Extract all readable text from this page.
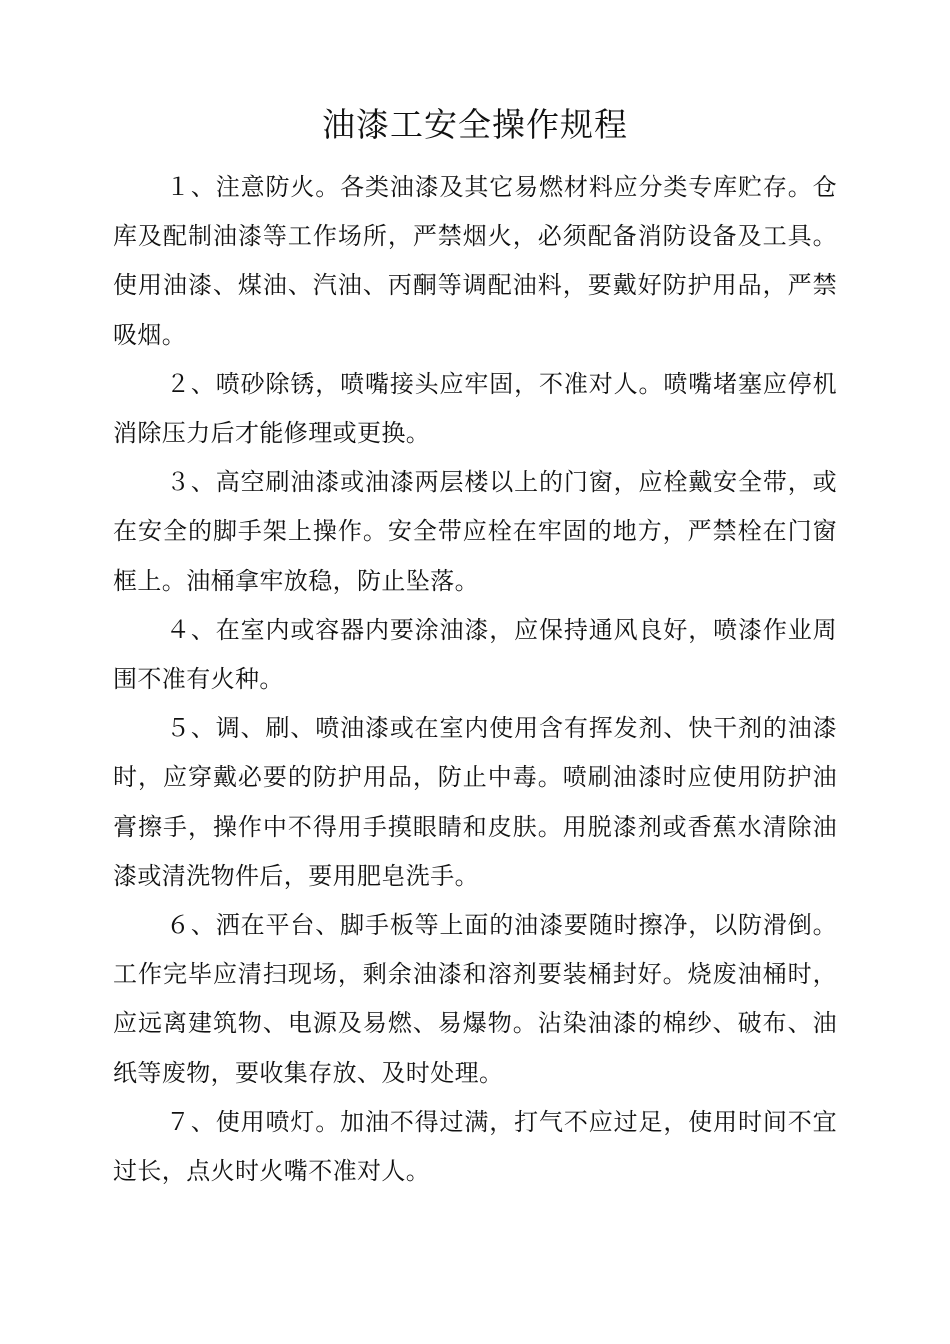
油漆工安全操作规程

１、注意防火。各类油漆及其它易燃材料应分类专库贮存。仓库及配制油漆等工作场所，严禁烟火，必须配备消防设备及工具。使用油漆、煤油、汽油、丙酮等调配油料，要戴好防护用品，严禁吸烟。

２、喷砂除锈，喷嘴接头应牢固，不准对人。喷嘴堵塞应停机消除压力后才能修理或更换。

３、高空刷油漆或油漆两层楼以上的门窗，应栓戴安全带，或在安全的脚手架上操作。安全带应栓在牢固的地方，严禁栓在门窗框上。油桶拿牢放稳，防止坠落。

４、在室内或容器内要涂油漆，应保持通风良好，喷漆作业周围不准有火种。

５、调、刷、喷油漆或在室内使用含有挥发剂、快干剂的油漆时，应穿戴必要的防护用品，防止中毒。喷刷油漆时应使用防护油膏擦手，操作中不得用手摸眼睛和皮肤。用脱漆剂或香蕉水清除油漆或清洗物件后，要用肥皂洗手。

６、洒在平台、脚手板等上面的油漆要随时擦净，以防滑倒。工作完毕应清扫现场，剩余油漆和溶剂要装桶封好。烧废油桶时，应远离建筑物、电源及易燃、易爆物。沾染油漆的棉纱、破布、油纸等废物，要收集存放、及时处理。

７、使用喷灯。加油不得过满，打气不应过足，使用时间不宜过长，点火时火嘴不准对人。
